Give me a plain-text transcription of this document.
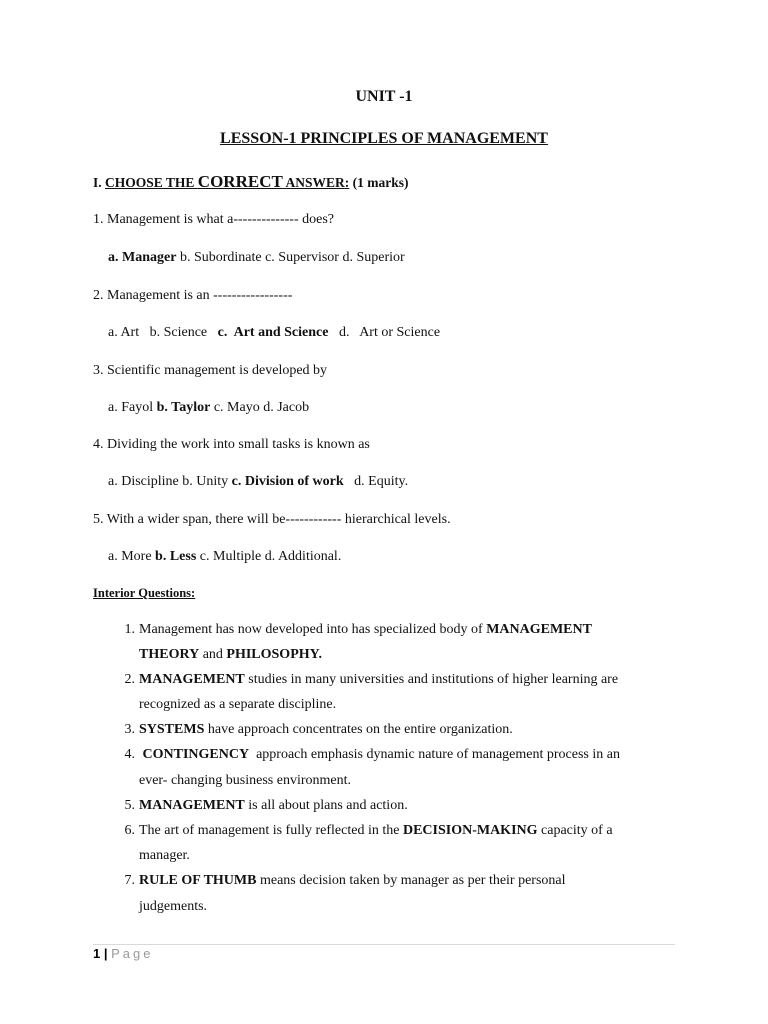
UNIT -1
LESSON-1 PRINCIPLES OF MANAGEMENT
I. CHOOSE THE CORRECT ANSWER: (1 marks)
1. Management is what a-------------- does?
a. Manager b. Subordinate c. Supervisor d. Superior
2. Management is an -----------------
a. Art   b. Science   c.  Art and Science   d.   Art or Science
3. Scientific management is developed by
a. Fayol b. Taylor c. Mayo d. Jacob
4. Dividing the work into small tasks is known as
a. Discipline b. Unity c. Division of work   d. Equity.
5. With a wider span, there will be------------ hierarchical levels.
a. More b. Less c. Multiple d. Additional.
Interior Questions:
1. Management has now developed into has specialized body of MANAGEMENT
THEORY and PHILOSOPHY.
2. MANAGEMENT studies in many universities and institutions of higher learning are
recognized as a separate discipline.
3. SYSTEMS have approach concentrates on the entire organization.
4. CONTINGENCY  approach emphasis dynamic nature of management process in an
ever- changing business environment.
5. MANAGEMENT is all about plans and action.
6. The art of management is fully reflected in the DECISION-MAKING capacity of a
manager.
7. RULE OF THUMB means decision taken by manager as per their personal
judgements.
1 | Page
